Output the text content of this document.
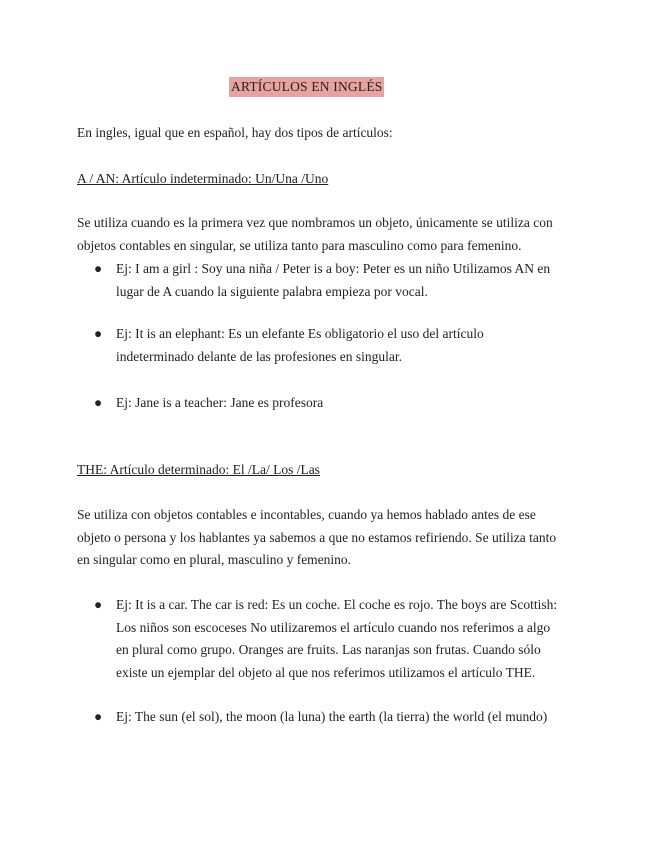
ARTÍCULOS EN INGLÉS

En ingles, igual que en español, hay dos tipos de artículos:

A / AN: Artículo indeterminado: Un/Una /Uno

Se utiliza cuando es la primera vez que nombramos un objeto, únicamente se utiliza con
objetos contables en singular, se utiliza tanto para masculino como para femenino.
●	Ej: I am a girl : Soy una niña / Peter is a boy: Peter es un niño Utilizamos AN en
lugar de A cuando la siguiente palabra empieza por vocal.
●	Ej: It is an elephant: Es un elefante Es obligatorio el uso del artículo
indeterminado delante de las profesiones en singular.
●	Ej: Jane is a teacher: Jane es profesora

THE: Artículo determinado: El /La/ Los /Las

Se utiliza con objetos contables e incontables, cuando ya hemos hablado antes de ese
objeto o persona y los hablantes ya sabemos a que no estamos refiriendo. Se utiliza tanto
en singular como en plural, masculino y femenino.
●	Ej: It is a car. The car is red: Es un coche. El coche es rojo. The boys are Scottish:
Los niños son escoceses No utilizaremos el artículo cuando nos referimos a algo
en plural como grupo. Oranges are fruits. Las naranjas son frutas. Cuando sólo
existe un ejemplar del objeto al que nos referimos utilizamos el artículo THE.
●	Ej: The sun (el sol), the moon (la luna) the earth (la tierra) the world (el mundo)
